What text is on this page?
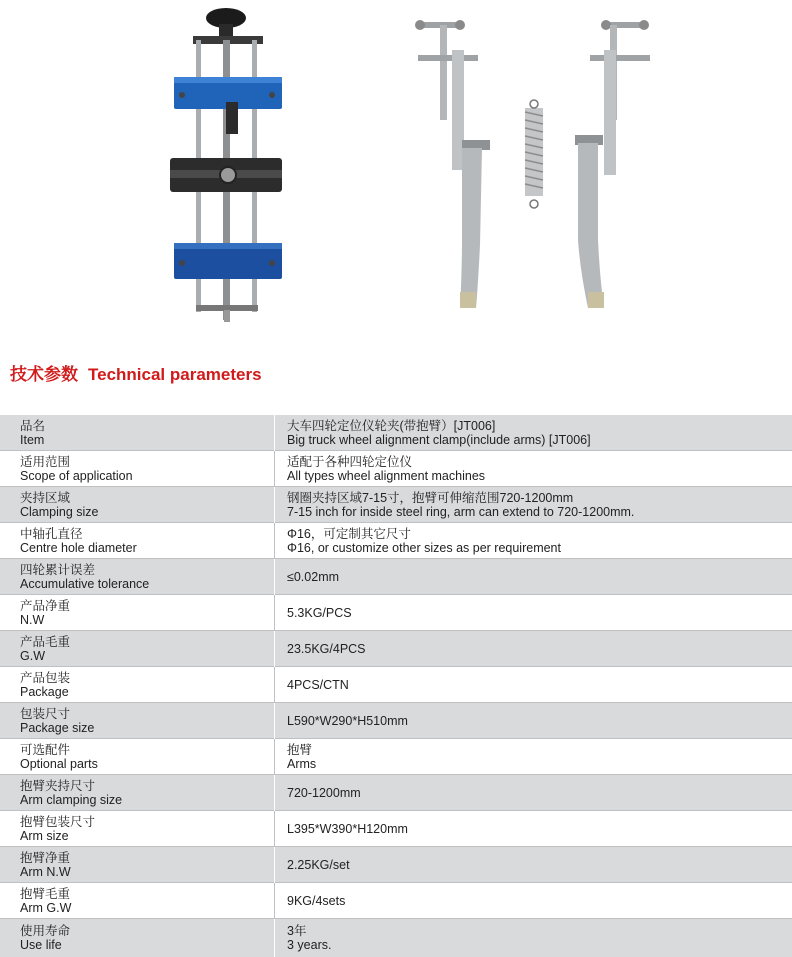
技术参数 Technical parameters
品名
Item	大车四轮定位仪轮夹(带抱臂）[JT006]
Big truck wheel alignment clamp(include arms) [JT006]

适用范围
Scope of application	适配于各种四轮定位仪
All types wheel alignment machines

夹持区域
Clamping size	钢圈夹持区域7-15寸，抱臂可伸缩范围720-1200mm
7-15 inch for inside steel ring, arm can extend to 720-1200mm.

中轴孔直径
Centre hole diameter	Φ16，可定制其它尺寸
Φ16, or customize other sizes as per requirement

四轮累计误差
Accumulative tolerance	≤0.02mm

产品净重
N.W	5.3KG/PCS

产品毛重
G.W	23.5KG/4PCS

产品包装
Package	4PCS/CTN

包装尺寸
Package size	L590*W290*H510mm

可选配件
Optional parts	抱臂
Arms

抱臂夹持尺寸
Arm clamping size	720-1200mm

抱臂包装尺寸
Arm size	L395*W390*H120mm

抱臂净重
Arm N.W	2.25KG/set

抱臂毛重
Arm G.W	9KG/4sets

使用寿命
Use life	3年
3 years.
